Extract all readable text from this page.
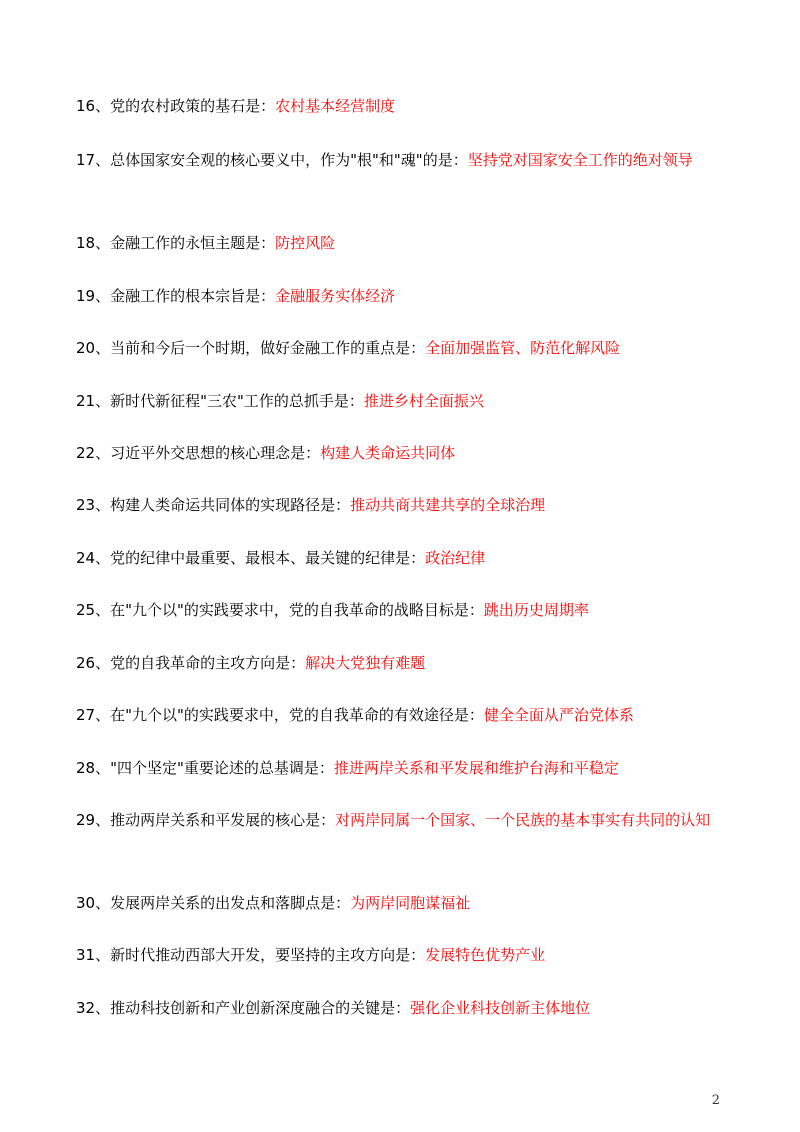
16、党的农村政策的基石是：农村基本经营制度
17、总体国家安全观的核心要义中，作为"根"和"魂"的是：坚持党对国家安全工作的绝对领导
18、金融工作的永恒主题是：防控风险
19、金融工作的根本宗旨是：金融服务实体经济
20、当前和今后一个时期，做好金融工作的重点是：全面加强监管、防范化解风险
21、新时代新征程"三农"工作的总抓手是：推进乡村全面振兴
22、习近平外交思想的核心理念是：构建人类命运共同体
23、构建人类命运共同体的实现路径是：推动共商共建共享的全球治理
24、党的纪律中最重要、最根本、最关键的纪律是：政治纪律
25、在"九个以"的实践要求中，党的自我革命的战略目标是：跳出历史周期率
26、党的自我革命的主攻方向是：解决大党独有难题
27、在"九个以"的实践要求中，党的自我革命的有效途径是：健全全面从严治党体系
28、"四个坚定"重要论述的总基调是：推进两岸关系和平发展和维护台海和平稳定
29、推动两岸关系和平发展的核心是：对两岸同属一个国家、一个民族的基本事实有共同的认知
30、发展两岸关系的出发点和落脚点是：为两岸同胞谋福祉
31、新时代推动西部大开发，要坚持的主攻方向是：发展特色优势产业
32、推动科技创新和产业创新深度融合的关键是：强化企业科技创新主体地位
2
